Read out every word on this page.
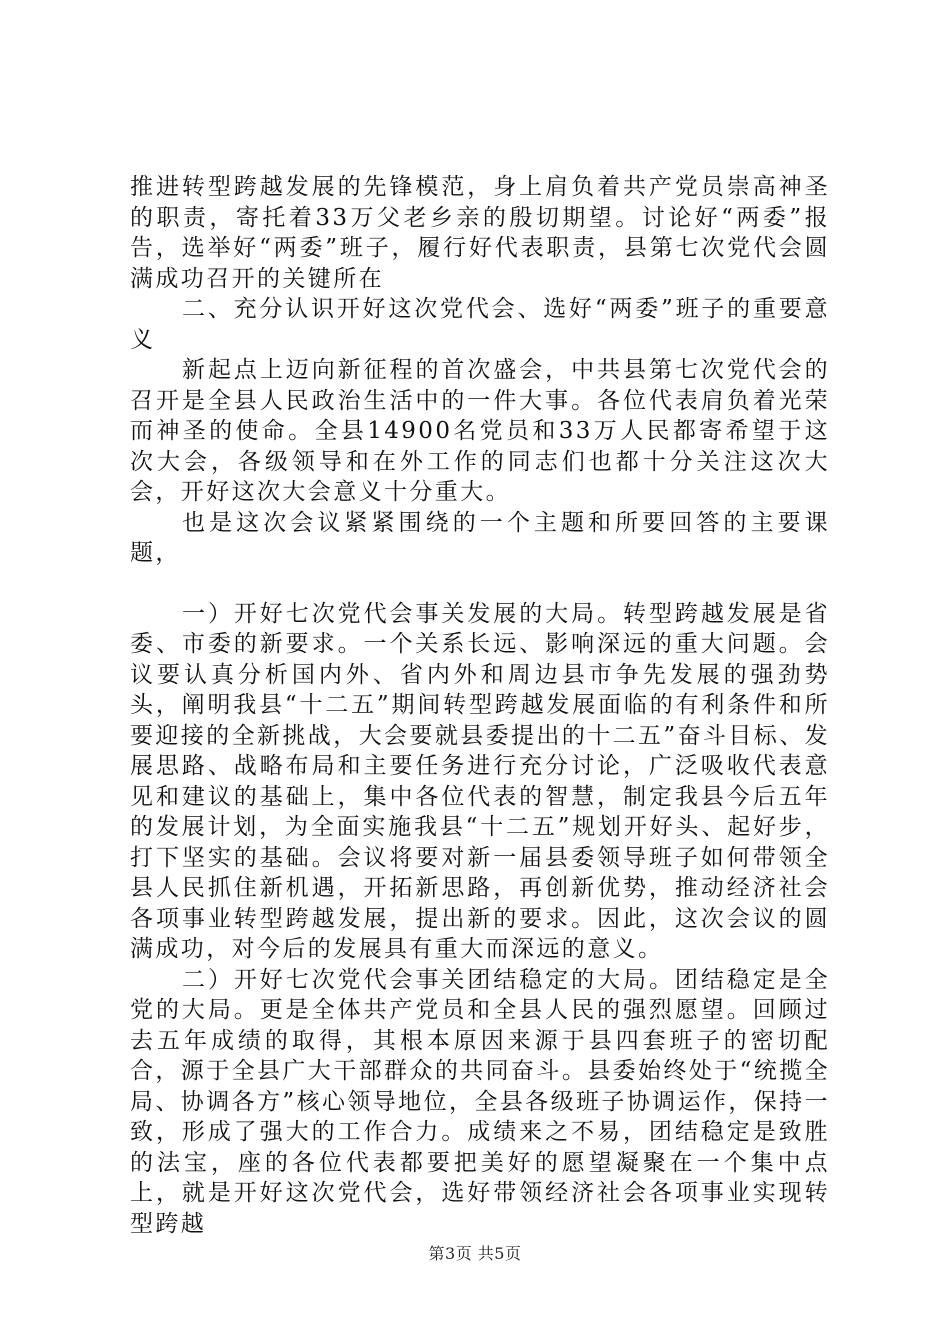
推进转型跨越发展的先锋模范，身上肩负着共产党员崇高神圣的职责，寄托着33万父老乡亲的殷切期望。讨论好“两委”报告，选举好“两委”班子，履行好代表职责，县第七次党代会圆满成功召开的关键所在

二、充分认识开好这次党代会、选好“两委”班子的重要意义

新起点上迈向新征程的首次盛会，中共县第七次党代会的召开是全县人民政治生活中的一件大事。各位代表肩负着光荣而神圣的使命。全县14900名党员和33万人民都寄希望于这次大会，各级领导和在外工作的同志们也都十分关注这次大会，开好这次大会意义十分重大。

也是这次会议紧紧围绕的一个主题和所要回答的主要课题，

一）开好七次党代会事关发展的大局。转型跨越发展是省委、市委的新要求。一个关系长远、影响深远的重大问题。会议要认真分析国内外、省内外和周边县市争先发展的强劲势头，阐明我县“十二五”期间转型跨越发展面临的有利条件和所要迎接的全新挑战，大会要就县委提出的十二五”奋斗目标、发展思路、战略布局和主要任务进行充分讨论，广泛吸收代表意见和建议的基础上，集中各位代表的智慧，制定我县今后五年的发展计划，为全面实施我县“十二五”规划开好头、起好步，打下坚实的基础。会议将要对新一届县委领导班子如何带领全县人民抓住新机遇，开拓新思路，再创新优势，推动经济社会各项事业转型跨越发展，提出新的要求。因此，这次会议的圆满成功，对今后的发展具有重大而深远的意义。

二）开好七次党代会事关团结稳定的大局。团结稳定是全党的大局。更是全体共产党员和全县人民的强烈愿望。回顾过去五年成绩的取得，其根本原因来源于县四套班子的密切配合，源于全县广大干部群众的共同奋斗。县委始终处于“统揽全局、协调各方”核心领导地位，全县各级班子协调运作，保持一致，形成了强大的工作合力。成绩来之不易，团结稳定是致胜的法宝，座的各位代表都要把美好的愿望凝聚在一个集中点上，就是开好这次党代会，选好带领经济社会各项事业实现转型跨越

第3页 共5页
